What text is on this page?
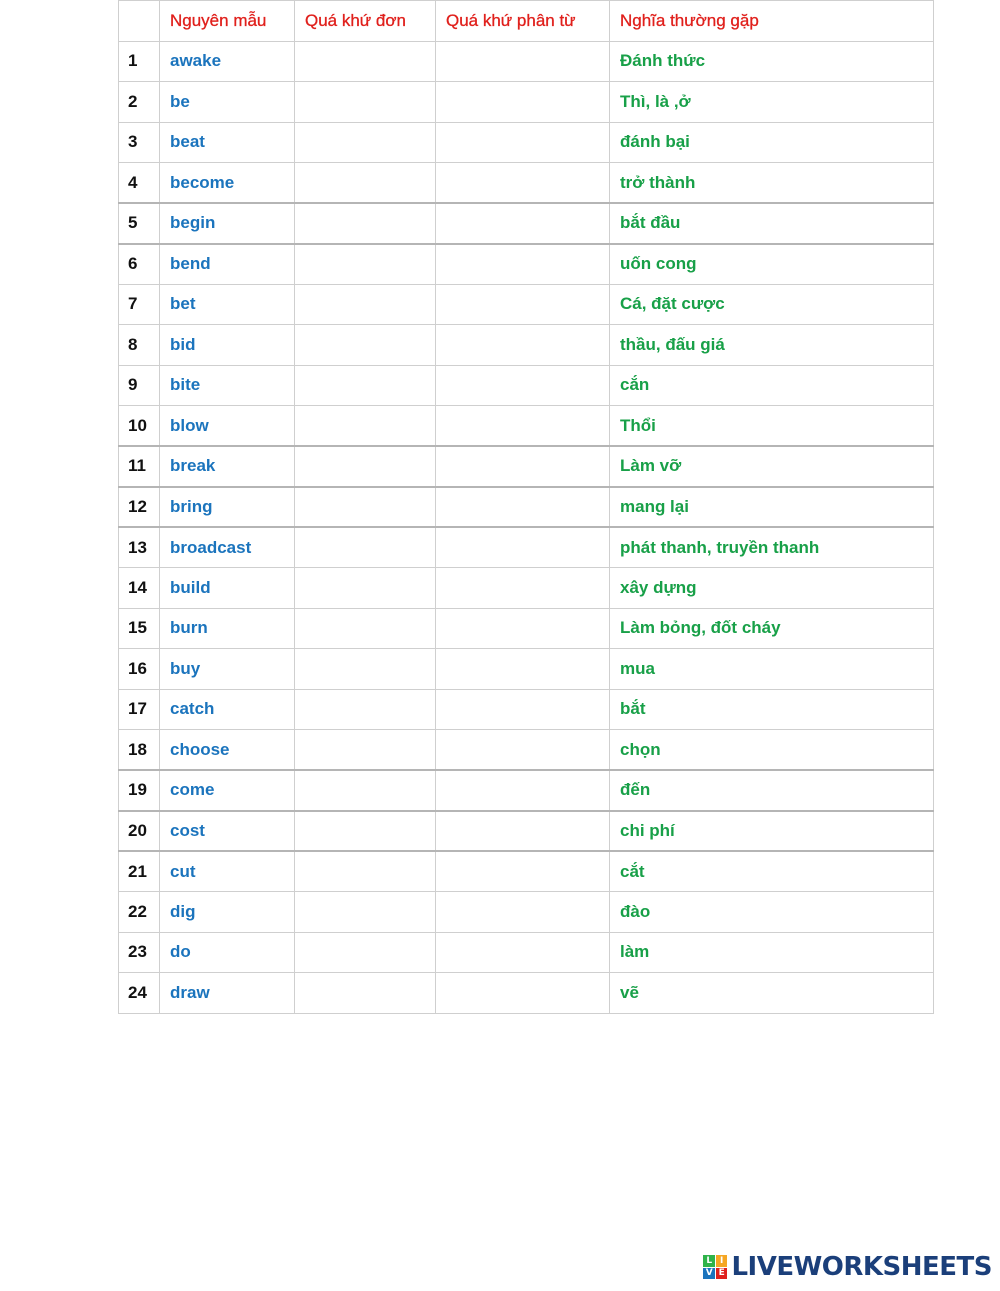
	Nguyên mẫu	Quá khứ đơn	Quá khứ phân từ	Nghĩa thường gặp
1	awake			Đánh thức
2	be			Thì, là ,ở
3	beat			đánh bại
4	become			trở thành
5	begin			bắt đầu
6	bend			uốn cong
7	bet			Cá, đặt cược
8	bid			thầu, đấu giá
9	bite			cắn
10	blow			Thổi
11	break			Làm vỡ
12	bring			mang lại
13	broadcast			phát thanh, truyền thanh
14	build			xây dựng
15	burn			Làm bỏng, đốt cháy
16	buy			mua
17	catch			bắt
18	choose			chọn
19	come			đến
20	cost			chi phí
21	cut			cắt
22	dig			đào
23	do			làm
24	draw			vẽ
L I
V E LIVEWORKSHEETS
